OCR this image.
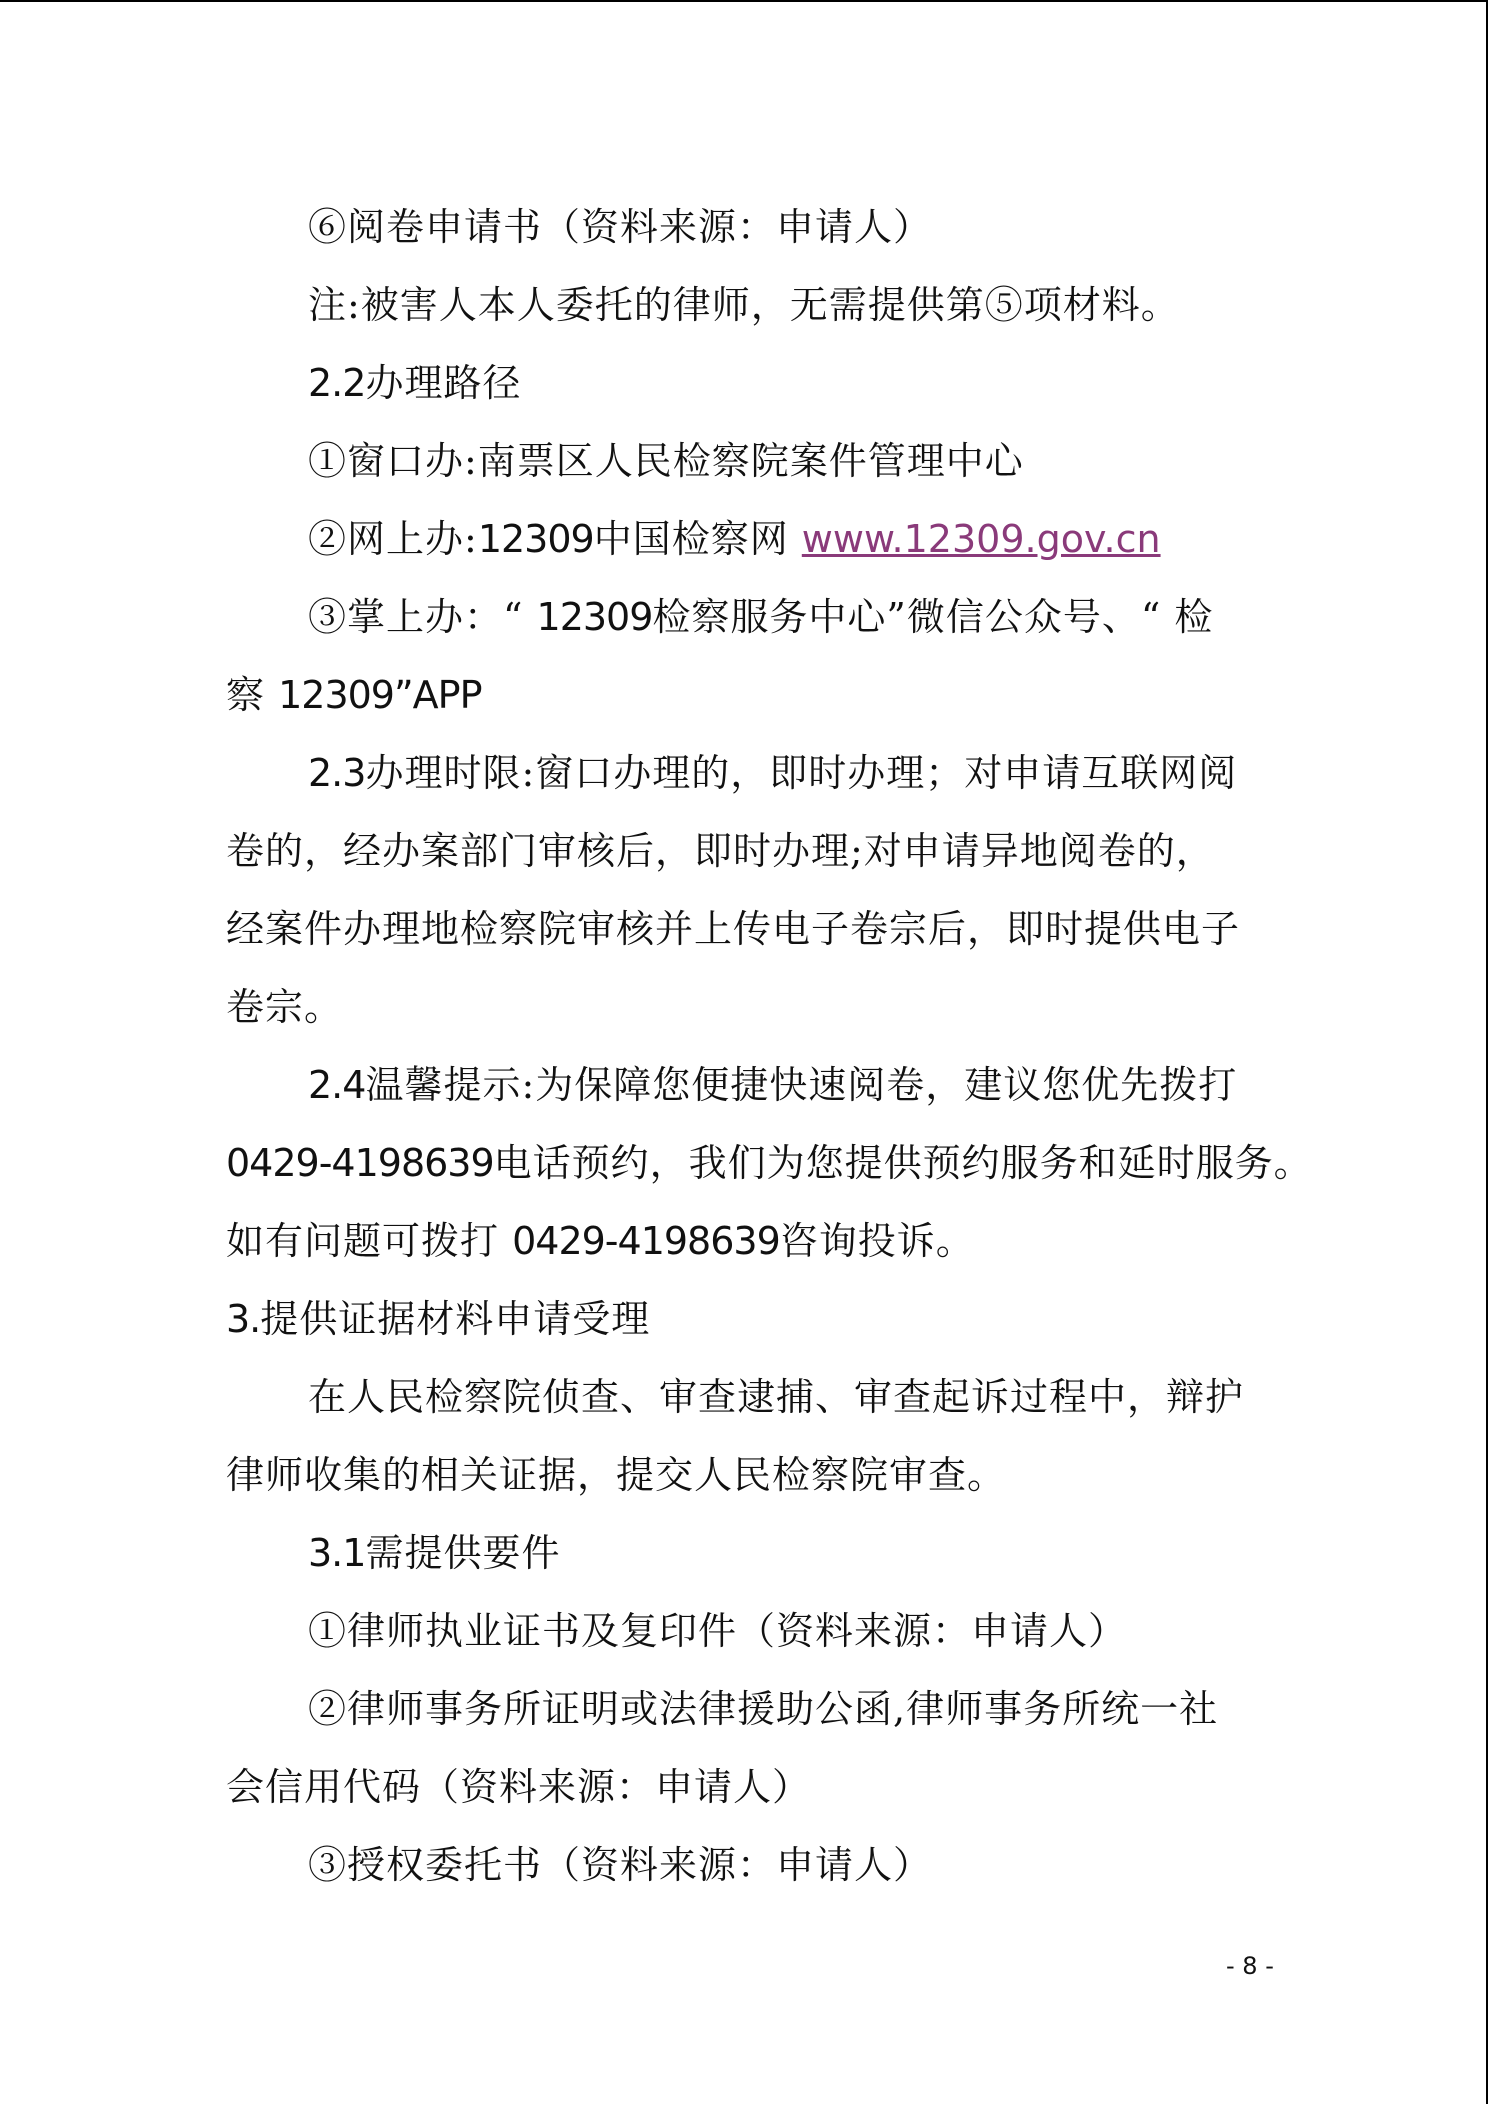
⑥阅卷申请书（资料来源：申请人）
注:被害人本人委托的律师，无需提供第⑤项材料。
2.2办理路径
①窗口办:南票区人民检察院案件管理中心
②网上办:12309中国检察网 www.12309.gov.cn
③掌上办：“ 12309检察服务中心”微信公众号、“ 检
察 12309”APP
2.3办理时限:窗口办理的，即时办理；对申请互联网阅
卷的，经办案部门审核后，即时办理;对申请异地阅卷的，
经案件办理地检察院审核并上传电子卷宗后，即时提供电子
卷宗。
2.4温馨提示:为保障您便捷快速阅卷，建议您优先拨打
0429-4198639电话预约，我们为您提供预约服务和延时服务。
如有问题可拨打 0429-4198639咨询投诉。
3.提供证据材料申请受理
在人民检察院侦查、审查逮捕、审查起诉过程中，辩护
律师收集的相关证据，提交人民检察院审查。
3.1需提供要件
①律师执业证书及复印件（资料来源：申请人）
②律师事务所证明或法律援助公函,律师事务所统一社
会信用代码（资料来源：申请人）
③授权委托书（资料来源：申请人）
- 8 -
